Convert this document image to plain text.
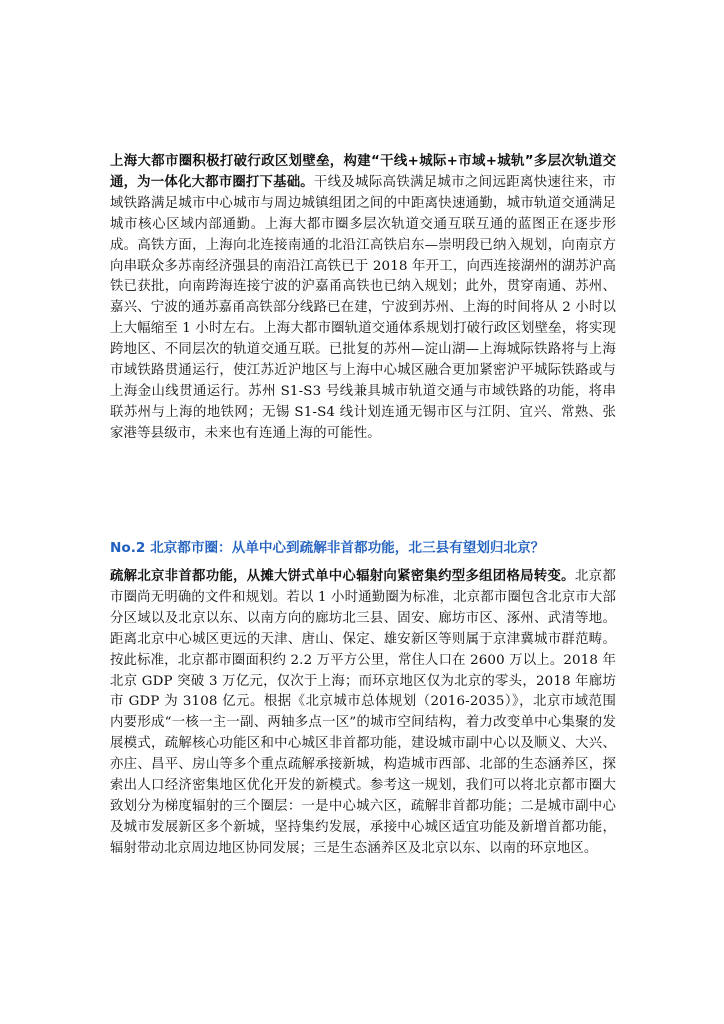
上海大都市圈积极打破行政区划壁垒，构建“干线+城际+市域+城轨”多层次轨道交通，为一体化大都市圈打下基础。干线及城际高铁满足城市之间远距离快速往来，市域铁路满足城市中心城市与周边城镇组团之间的中距离快速通勤，城市轨道交通满足城市核心区域内部通勤。上海大都市圈多层次轨道交通互联互通的蓝图正在逐步形成。高铁方面，上海向北连接南通的北沿江高铁启东—崇明段已纳入规划，向南京方向串联众多苏南经济强县的南沿江高铁已于 2018 年开工，向西连接湖州的湖苏沪高铁已获批，向南跨海连接宁波的沪嘉甬高铁也已纳入规划；此外，贯穿南通、苏州、嘉兴、宁波的通苏嘉甬高铁部分线路已在建，宁波到苏州、上海的时间将从 2 小时以上大幅缩至 1 小时左右。上海大都市圈轨道交通体系规划打破行政区划壁垒，将实现跨地区、不同层次的轨道交通互联。已批复的苏州—淀山湖—上海城际铁路将与上海市域铁路贯通运行，使江苏近沪地区与上海中心城区融合更加紧密沪平城际铁路或与上海金山线贯通运行。苏州 S1-S3 号线兼具城市轨道交通与市域铁路的功能，将串联苏州与上海的地铁网；无锡 S1-S4 线计划连通无锡市区与江阴、宜兴、常熟、张家港等县级市，未来也有连通上海的可能性。

No.2 北京都市圈：从单中心到疏解非首都功能，北三县有望划归北京？

疏解北京非首都功能，从摊大饼式单中心辐射向紧密集约型多组团格局转变。北京都市圈尚无明确的文件和规划。若以 1 小时通勤圈为标准，北京都市圈包含北京市大部分区域以及北京以东、以南方向的廊坊北三县、固安、廊坊市区、涿州、武清等地。距离北京中心城区更远的天津、唐山、保定、雄安新区等则属于京津冀城市群范畴。按此标准，北京都市圈面积约 2.2 万平方公里，常住人口在 2600 万以上。2018 年北京 GDP 突破 3 万亿元，仅次于上海；而环京地区仅为北京的零头，2018 年廊坊市 GDP 为 3108 亿元。根据《北京城市总体规划（2016-2035）》，北京市域范围内要形成“一核一主一副、两轴多点一区”的城市空间结构，着力改变单中心集聚的发展模式，疏解核心功能区和中心城区非首都功能，建设城市副中心以及顺义、大兴、亦庄、昌平、房山等多个重点疏解承接新城，构造城市西部、北部的生态涵养区，探索出人口经济密集地区优化开发的新模式。参考这一规划，我们可以将北京都市圈大致划分为梯度辐射的三个圈层：一是中心城六区，疏解非首都功能；二是城市副中心及城市发展新区多个新城，坚持集约发展，承接中心城区适宜功能及新增首都功能，辐射带动北京周边地区协同发展；三是生态涵养区及北京以东、以南的环京地区。
